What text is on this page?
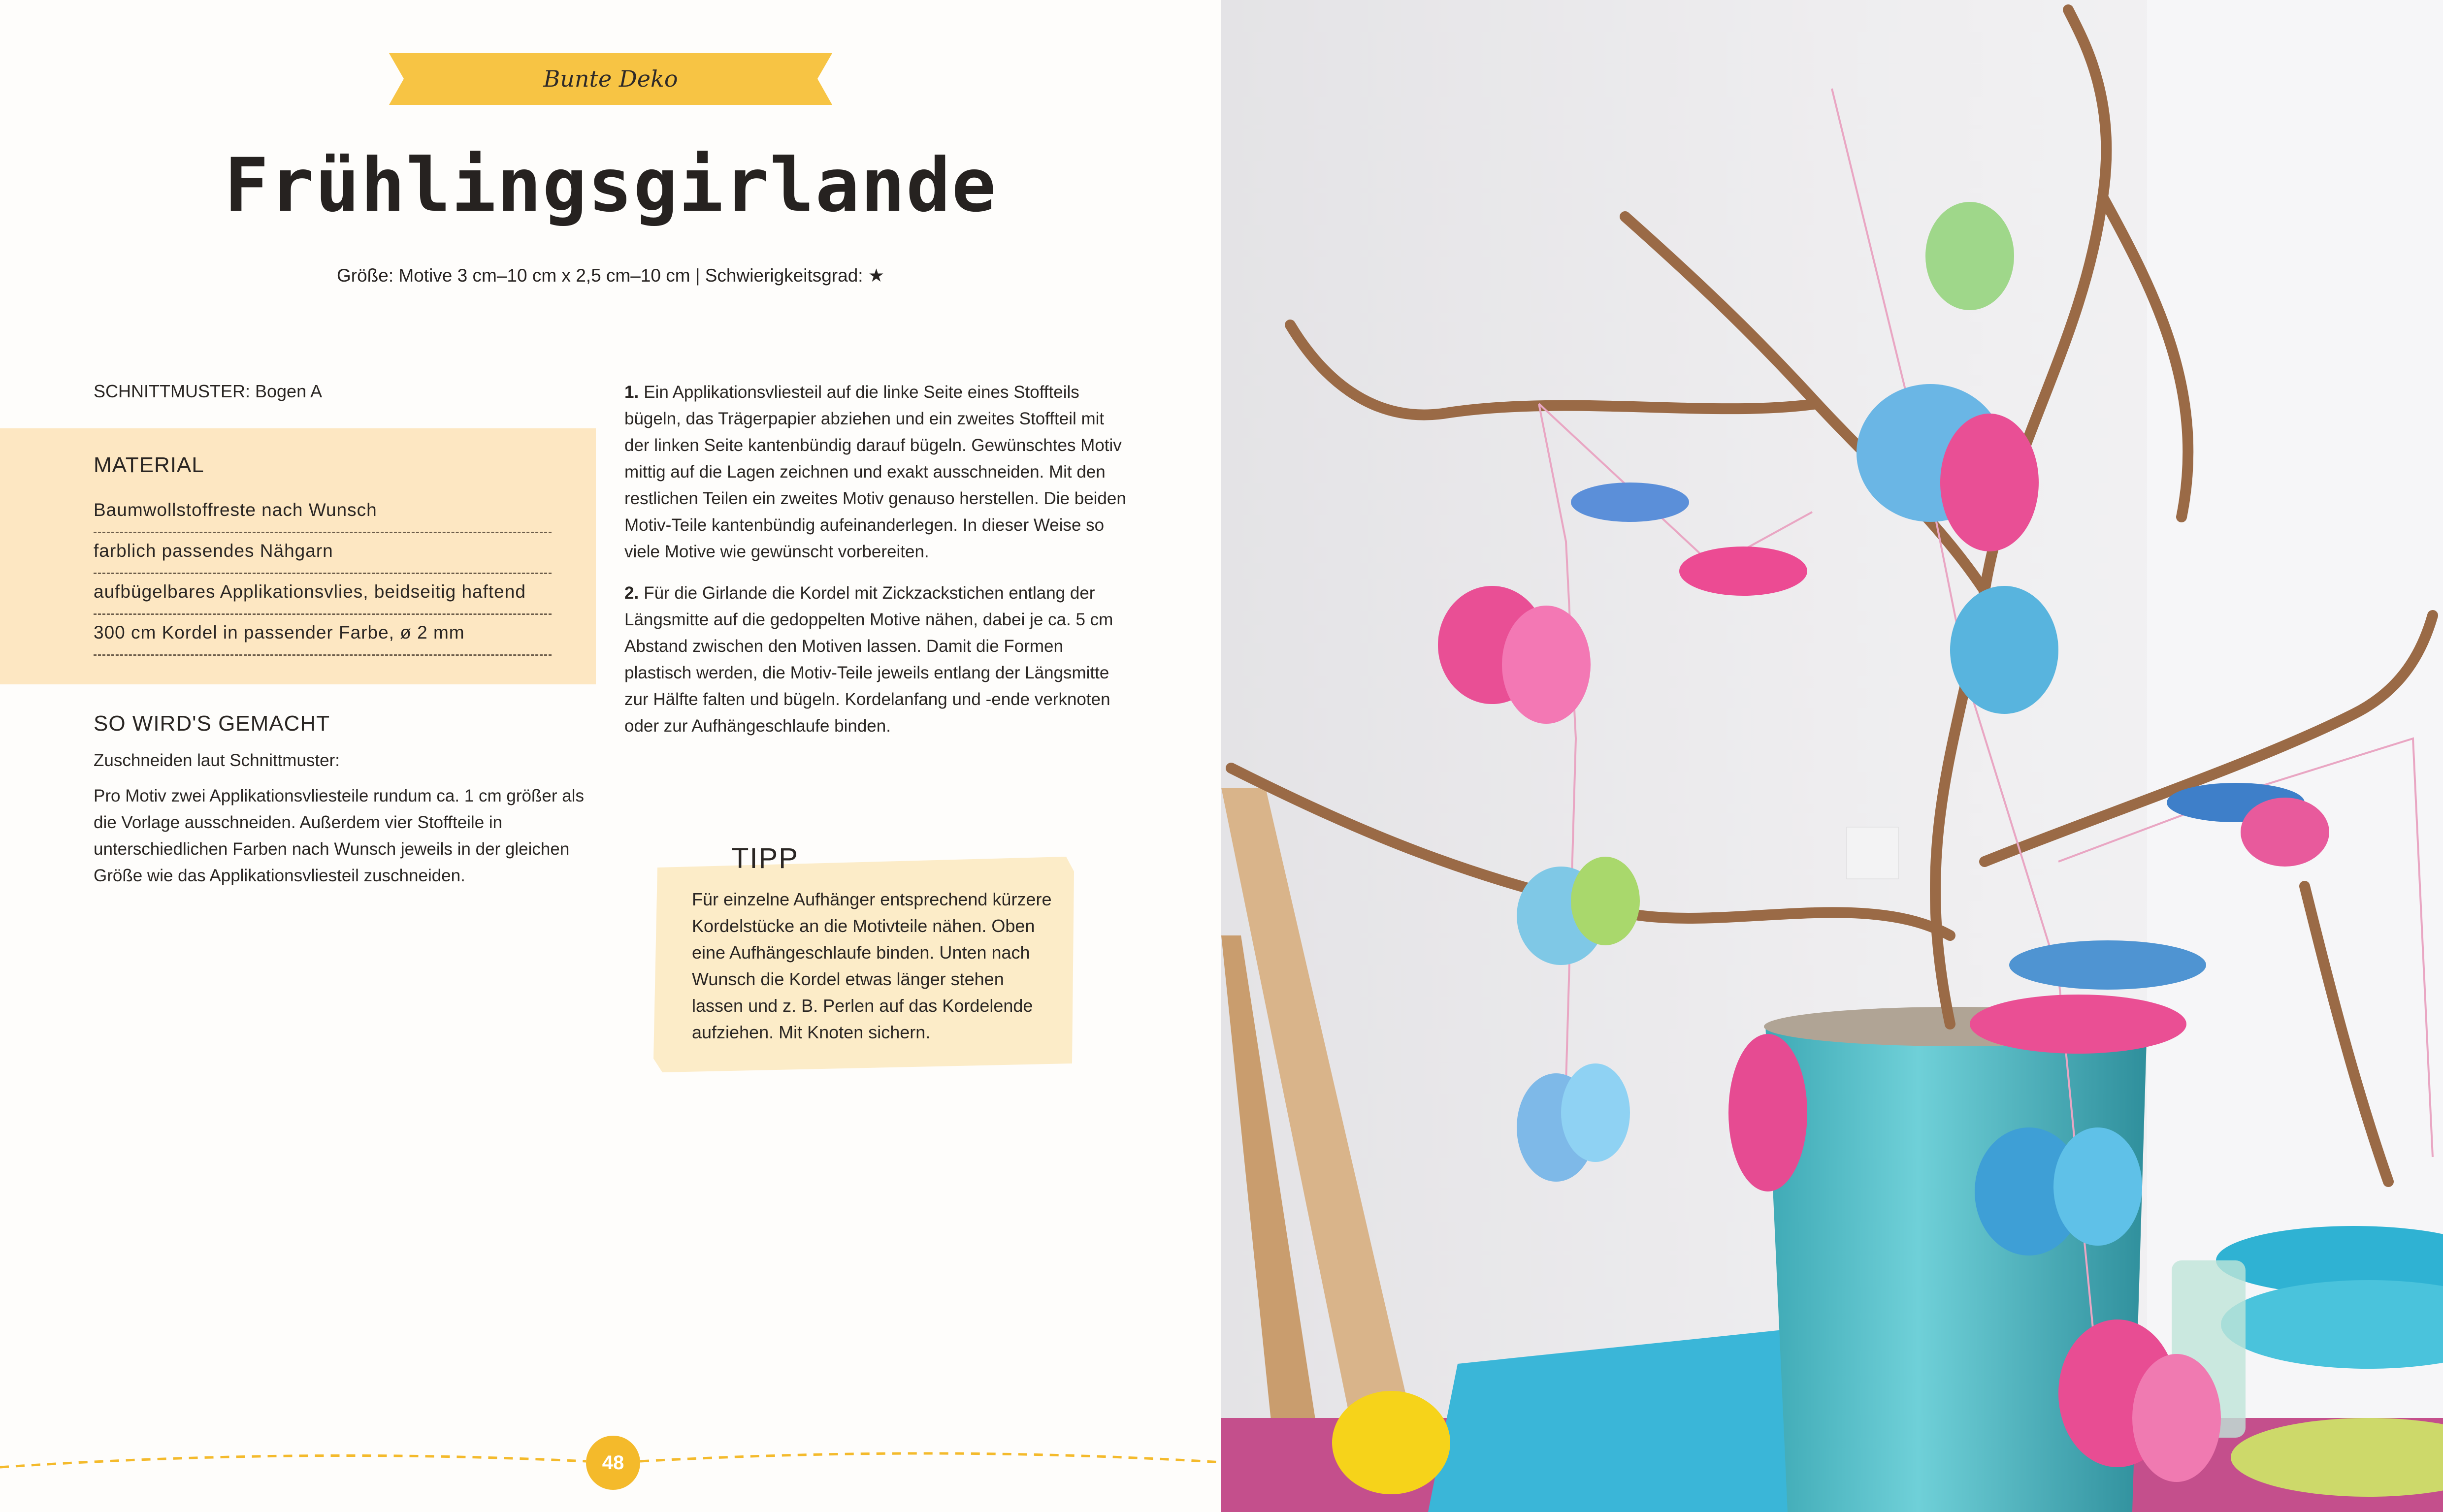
Bunte Deko
Frühlingsgirlande
Größe: Motive 3 cm–10 cm x 2,5 cm–10 cm | Schwierigkeitsgrad: ★
SCHNITTMUSTER: Bogen A
MATERIAL
Baumwollstoffreste nach Wunsch
farblich passendes Nähgarn
aufbügelbares Applikationsvlies, beidseitig haftend
300 cm Kordel in passender Farbe, ø 2 mm
SO WIRD'S GEMACHT
Zuschneiden laut Schnittmuster:

Pro Motiv zwei Applikationsvliesteile rundum ca. 1 cm größer als die Vorlage ausschneiden. Außerdem vier Stoffteile in unterschiedlichen Farben nach Wunsch jeweils in der gleichen Größe wie das Applikationsvliesteil zuschneiden.

1. Ein Applikationsvliesteil auf die linke Seite eines Stoffteils bügeln, das Trägerpapier abziehen und ein zweites Stoffteil mit der linken Seite kantenbündig darauf bügeln. Gewünschtes Motiv mittig auf die Lagen zeichnen und exakt ausschneiden. Mit den restlichen Teilen ein zweites Motiv genauso herstellen. Die beiden Motiv-Teile kantenbündig aufeinanderlegen. In dieser Weise so viele Motive wie gewünscht vorbereiten.

2. Für die Girlande die Kordel mit Zickzackstichen entlang der Längsmitte auf die gedoppelten Motive nähen, dabei je ca. 5 cm Abstand zwischen den Motiven lassen. Damit die Formen plastisch werden, die Motiv-Teile jeweils entlang der Längsmitte zur Hälfte falten und bügeln. Kordelanfang und -ende verknoten oder zur Aufhängeschlaufe binden.

TIPP

Für einzelne Aufhänger entsprechend kürzere Kordelstücke an die Motivteile nähen. Oben eine Aufhängeschlaufe binden. Unten nach Wunsch die Kordel etwas länger stehen lassen und z. B. Perlen auf das Kordelende aufziehen. Mit Knoten sichern.

48
